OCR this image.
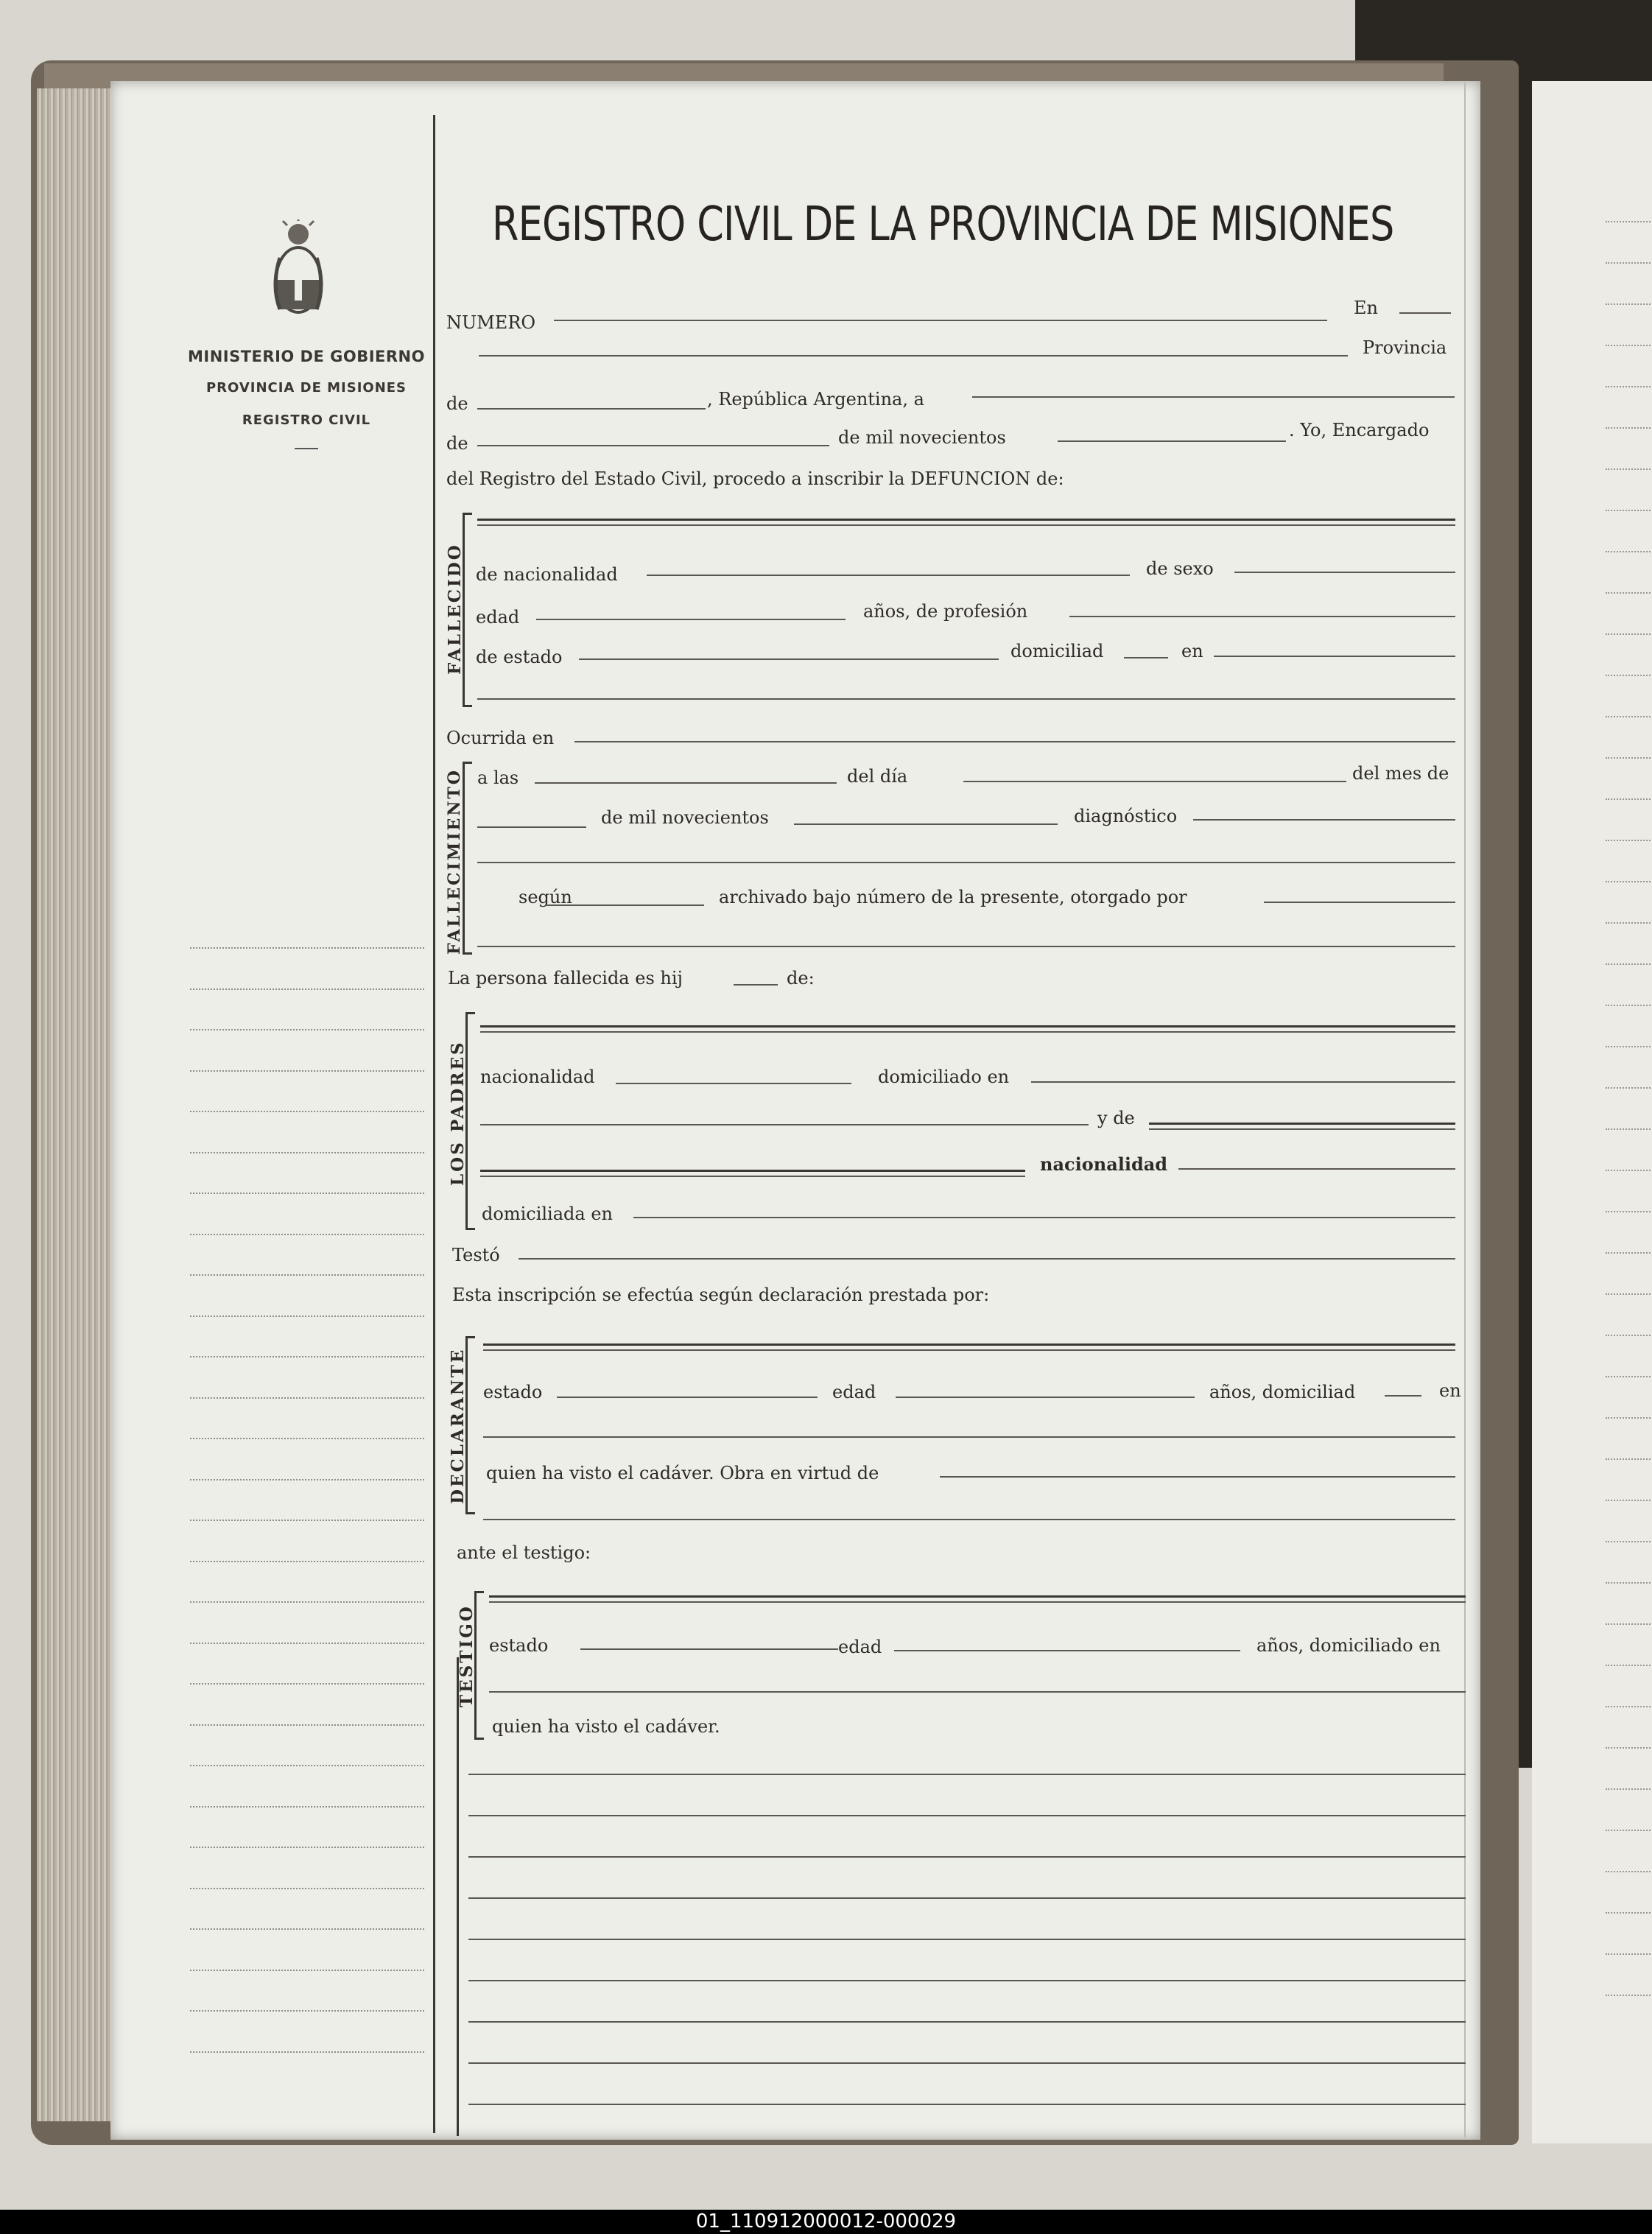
MINISTERIO DE GOBIERNO
PROVINCIA DE MISIONES
REGISTRO CIVIL
REGISTRO CIVIL DE LA PROVINCIA DE MISIONES
NUMERO
En
Provincia
de	, República Argentina, a
de	de mil novecientos	. Yo, Encargado
del Registro del Estado Civil, procedo a inscribir la DEFUNCION de:
FALLECIDO de nacionalidad	de sexo
edad	años, de profesión
de estado	domiciliad	en
Ocurrida en
FALLECIMIENTO a las	del día	del mes de
de mil novecientos	diagnóstico
según	archivado bajo número de la presente, otorgado por
La persona fallecida es hij	de:
LOS PADRES nacionalidad	domiciliado en
y de
nacionalidad
domiciliada en
Testó
Esta inscripción se efectúa según declaración prestada por:
DECLARANTE estado	edad	años, domiciliad	en
quien ha visto el cadáver. Obra en virtud de
ante el testigo:
TESTIGO estado	edad	años, domiciliado en
quien ha visto el cadáver.
01_110912000012-000029
